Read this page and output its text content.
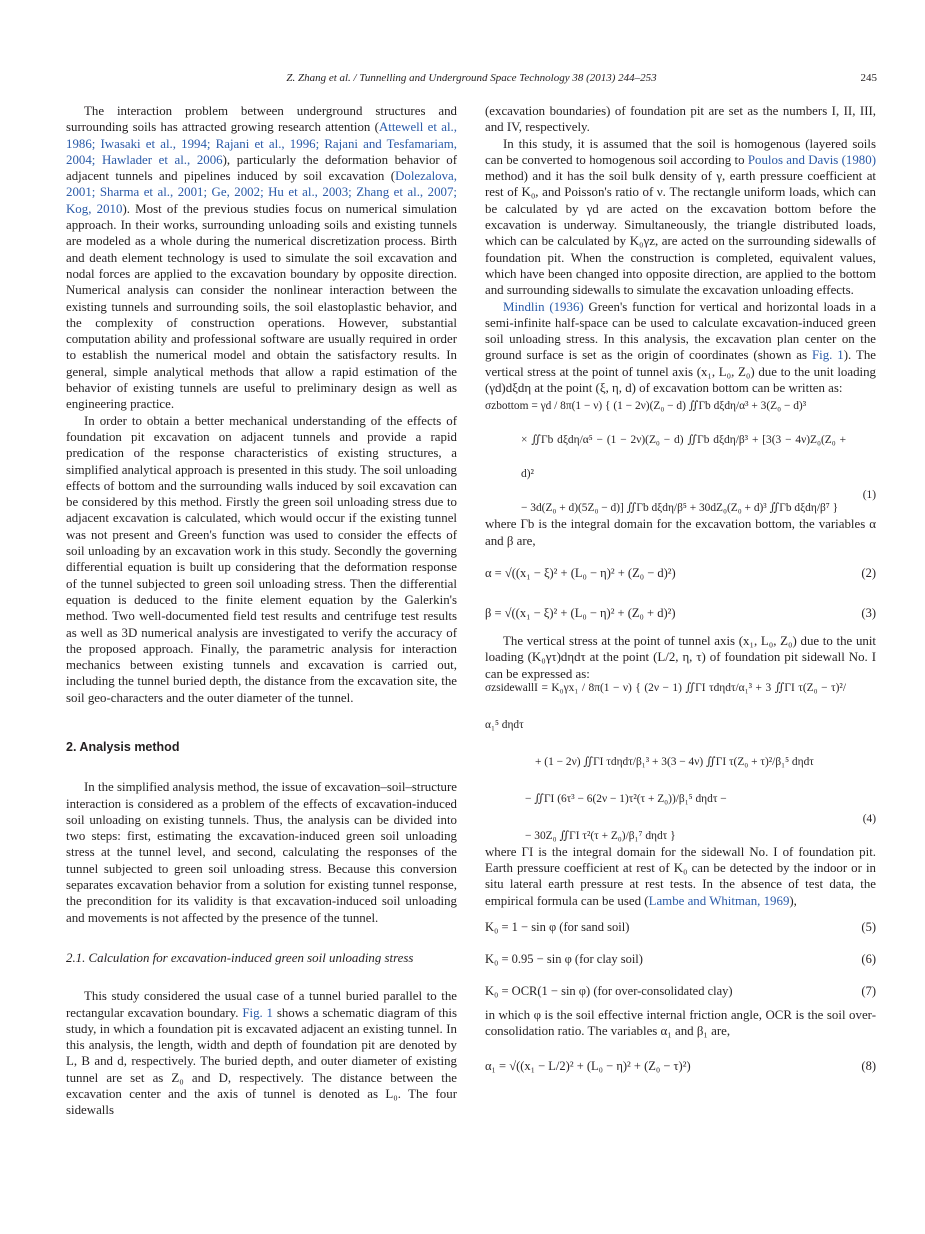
Z. Zhang et al. / Tunnelling and Underground Space Technology 38 (2013) 244–253	245

The interaction problem between underground structures and surrounding soils has attracted growing research attention (Attewell et al., 1986; Iwasaki et al., 1994; Rajani et al., 1996; Rajani and Tesfamariam, 2004; Hawlader et al., 2006), particularly the deformation behavior of adjacent tunnels and pipelines induced by soil excavation (Dolezalova, 2001; Sharma et al., 2001; Ge, 2002; Hu et al., 2003; Zhang et al., 2007; Kog, 2010). Most of the previous studies focus on numerical simulation approach. In their works, surrounding unloading soils and existing tunnels are modeled as a whole during the numerical discretization process. Birth and death element technology is used to simulate the soil excavation and nodal forces are applied to the excavation boundary by opposite direction. Numerical analysis can consider the nonlinear interaction between the existing tunnels and surrounding soils, the soil elastoplastic behavior, and the complexity of construction operations. However, substantial computation ability and professional software are usually required in order to establish the numerical model and obtain the satisfactory results. In general, simple analytical methods that allow a rapid estimation of the behavior of existing tunnels are useful to preliminary design as well as engineering practice.

In order to obtain a better mechanical understanding of the effects of foundation pit excavation on adjacent tunnels and provide a rapid predication of the response characteristics of existing structures, a simplified analytical approach is presented in this study. The soil unloading effects of bottom and the surrounding walls induced by soil excavation can be considered by this method. Firstly the green soil unloading stress due to adjacent excavation is calculated, which would occur if the existing tunnel was not present and Green's function was used to consider the effects of soil unloading by an excavation work in this study. Secondly the governing differential equation is built up considering that the deformation response of the tunnel subjected to green soil unloading stress. Then the differential equation is deduced to the finite element equation by the Galerkin's method. Two well-documented field test results and centrifuge test results as well as 3D numerical analysis are investigated to verify the accuracy of the proposed approach. Finally, the parametric analysis for interaction mechanics between existing tunnels and excavation is carried out, including the tunnel buried depth, the distance from the excavation site, the soil geo-characters and the outer diameter of the tunnel.

2. Analysis method

In the simplified analysis method, the issue of excavation–soil–structure interaction is considered as a problem of the effects of excavation-induced soil unloading on existing tunnels. Thus, the analysis can be divided into two steps: first, estimating the excavation-induced green soil unloading stress at the tunnel level, and second, calculating the responses of the tunnel subjected to green soil unloading stress. Because this conversion separates excavation behavior from a solution for existing tunnel response, the precondition for its validity is that excavation-induced soil unloading and movements is not affected by the presence of the tunnel.

2.1. Calculation for excavation-induced green soil unloading stress

This study considered the usual case of a tunnel buried parallel to the rectangular excavation boundary. Fig. 1 shows a schematic diagram of this study, in which a foundation pit is excavated adjacent an existing tunnel. In this analysis, the length, width and depth of foundation pit are denoted by L, B and d, respectively. The buried depth, and outer diameter of existing tunnel are set as Z₀ and D, respectively. The distance between the excavation center and the axis of tunnel is denoted as L₀. The four sidewalls

(excavation boundaries) of foundation pit are set as the numbers I, II, III, and IV, respectively.

In this study, it is assumed that the soil is homogenous (layered soils can be converted to homogenous soil according to Poulos and Davis (1980) method) and it has the soil bulk density of γ, earth pressure coefficient at rest of K₀, and Poisson's ratio of ν. The rectangle uniform loads, which can be calculated by γd are acted on the excavation bottom before the excavation is underway. Simultaneously, the triangle distributed loads, which can be calculated by K₀γz, are acted on the surrounding sidewalls of foundation pit. When the construction is completed, equivalent values, which have been changed into opposite direction, are applied to the bottom and surrounding sidewalls to simulate the excavation unloading effects.

Mindlin (1936) Green's function for vertical and horizontal loads in a semi-infinite half-space can be used to calculate excavation-induced green soil unloading stress. In this analysis, the excavation plan center on the ground surface is set as the origin of coordinates (shown as Fig. 1). The vertical stress at the point of tunnel axis (x₁, L₀, Z₀) due to the unit loading (γd)dξdη at the point (ξ, η, d) of excavation bottom can be written as:

σzbottom = γd / 8π(1 − ν) { (1 − 2ν)(Z₀ − d) ∬Γb dξdη/α³ + 3(Z₀ − d)³
× ∬Γb dξdη/α⁵ − (1 − 2ν)(Z₀ − d) ∬Γb dξdη/β³ + [3(3 − 4ν)Z₀(Z₀ + d)²
− 3d(Z₀ + d)(5Z₀ − d)] ∬Γb dξdη/β⁵ + 30dZ₀(Z₀ + d)³ ∬Γb dξdη/β⁷ }
(1)

where Γb is the integral domain for the excavation bottom, the variables α and β are,

α = √((x₁ − ξ)² + (L₀ − η)² + (Z₀ − d)²)	(2)
β = √((x₁ − ξ)² + (L₀ − η)² + (Z₀ + d)²)	(3)

The vertical stress at the point of tunnel axis (x₁, L₀, Z₀) due to the unit loading (K₀γτ)dηdτ at the point (L/2, η, τ) of foundation pit sidewall No. I can be expressed as:

σzsidewallI = K₀γx₁ / 8π(1 − ν) { (2ν − 1) ∬ΓI τdηdτ/α₁³ + 3 ∬ΓI τ(Z₀ − τ)²/α₁⁵ dηdτ
+ (1 − 2ν) ∬ΓI τdηdτ/β₁³ + 3(3 − 4ν) ∬ΓI τ(Z₀ + τ)²/β₁⁵ dηdτ
− ∬ΓI (6τ³ − 6(2ν − 1)τ²(τ + Z₀))/β₁⁵ dηdτ −
− 30Z₀ ∬ΓI τ²(τ + Z₀)/β₁⁷ dηdτ }
(4)

where ΓI is the integral domain for the sidewall No. I of foundation pit. Earth pressure coefficient at rest of K₀ can be detected by the indoor or in situ lateral earth pressure at rest tests. In the absence of test data, the empirical formula can be used (Lambe and Whitman, 1969),

K₀ = 1 − sin φ (for sand soil)	(5)
K₀ = 0.95 − sin φ (for clay soil)	(6)
K₀ = OCR(1 − sin φ) (for over-consolidated clay)	(7)

in which φ is the soil effective internal friction angle, OCR is the soil over-consolidation ratio. The variables α₁ and β₁ are,

α₁ = √((x₁ − L/2)² + (L₀ − η)² + (Z₀ − τ)²)	(8)
